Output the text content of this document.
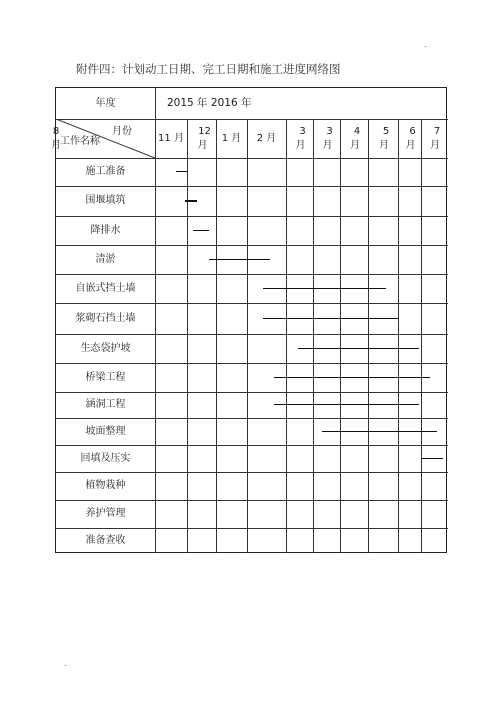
.
附件四：计划动工日期、完工日期和施工进度网络图
年度	2015 年 2016 年
月份
工作名称	11 月
12
月
1 月 2 月
3
月
3
月
4
月
5
月
6
月
7
月
8
月
施工准备
围堰填筑
降排水
清淤
自嵌式挡土墙
浆砌石挡土墙
生态袋护坡
桥梁工程
涵洞工程
坡面整理
回填及压实
植物栽种
养护管理
准备查收
.
